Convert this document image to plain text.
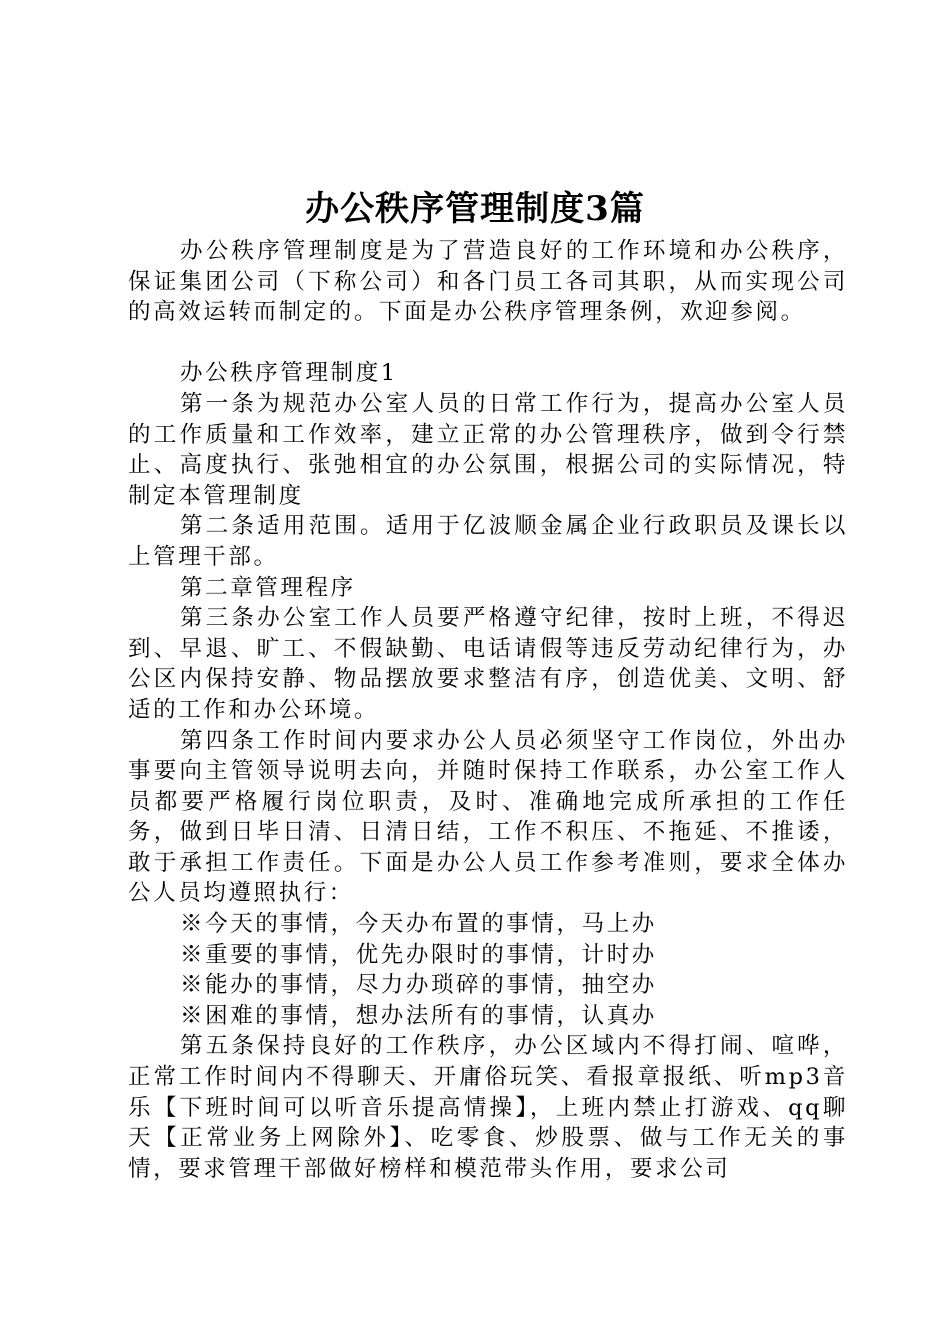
办公秩序管理制度3篇

办公秩序管理制度是为了营造良好的工作环境和办公秩序，保证集团公司（下称公司）和各门员工各司其职，从而实现公司的高效运转而制定的。下面是办公秩序管理条例，欢迎参阅。

办公秩序管理制度1

第一条为规范办公室人员的日常工作行为，提高办公室人员的工作质量和工作效率，建立正常的办公管理秩序，做到令行禁止、高度执行、张弛相宜的办公氛围，根据公司的实际情况，特制定本管理制度

第二条适用范围。适用于亿波顺金属企业行政职员及课长以上管理干部。

第二章管理程序

第三条办公室工作人员要严格遵守纪律，按时上班，不得迟到、早退、旷工、不假缺勤、电话请假等违反劳动纪律行为，办公区内保持安静、物品摆放要求整洁有序，创造优美、文明、舒适的工作和办公环境。

第四条工作时间内要求办公人员必须坚守工作岗位，外出办事要向主管领导说明去向，并随时保持工作联系，办公室工作人员都要严格履行岗位职责，及时、准确地完成所承担的工作任务，做到日毕日清、日清日结，工作不积压、不拖延、不推诿，敢于承担工作责任。下面是办公人员工作参考准则，要求全体办公人员均遵照执行：

※今天的事情，今天办布置的事情，马上办

※重要的事情，优先办限时的事情，计时办

※能办的事情，尽力办琐碎的事情，抽空办

※困难的事情，想办法所有的事情，认真办

第五条保持良好的工作秩序，办公区域内不得打闹、喧哗，正常工作时间内不得聊天、开庸俗玩笑、看报章报纸、听mp3音乐【下班时间可以听音乐提高情操】，上班内禁止打游戏、qq聊天【正常业务上网除外】、吃零食、炒股票、做与工作无关的事情，要求管理干部做好榜样和模范带头作用，要求公司
